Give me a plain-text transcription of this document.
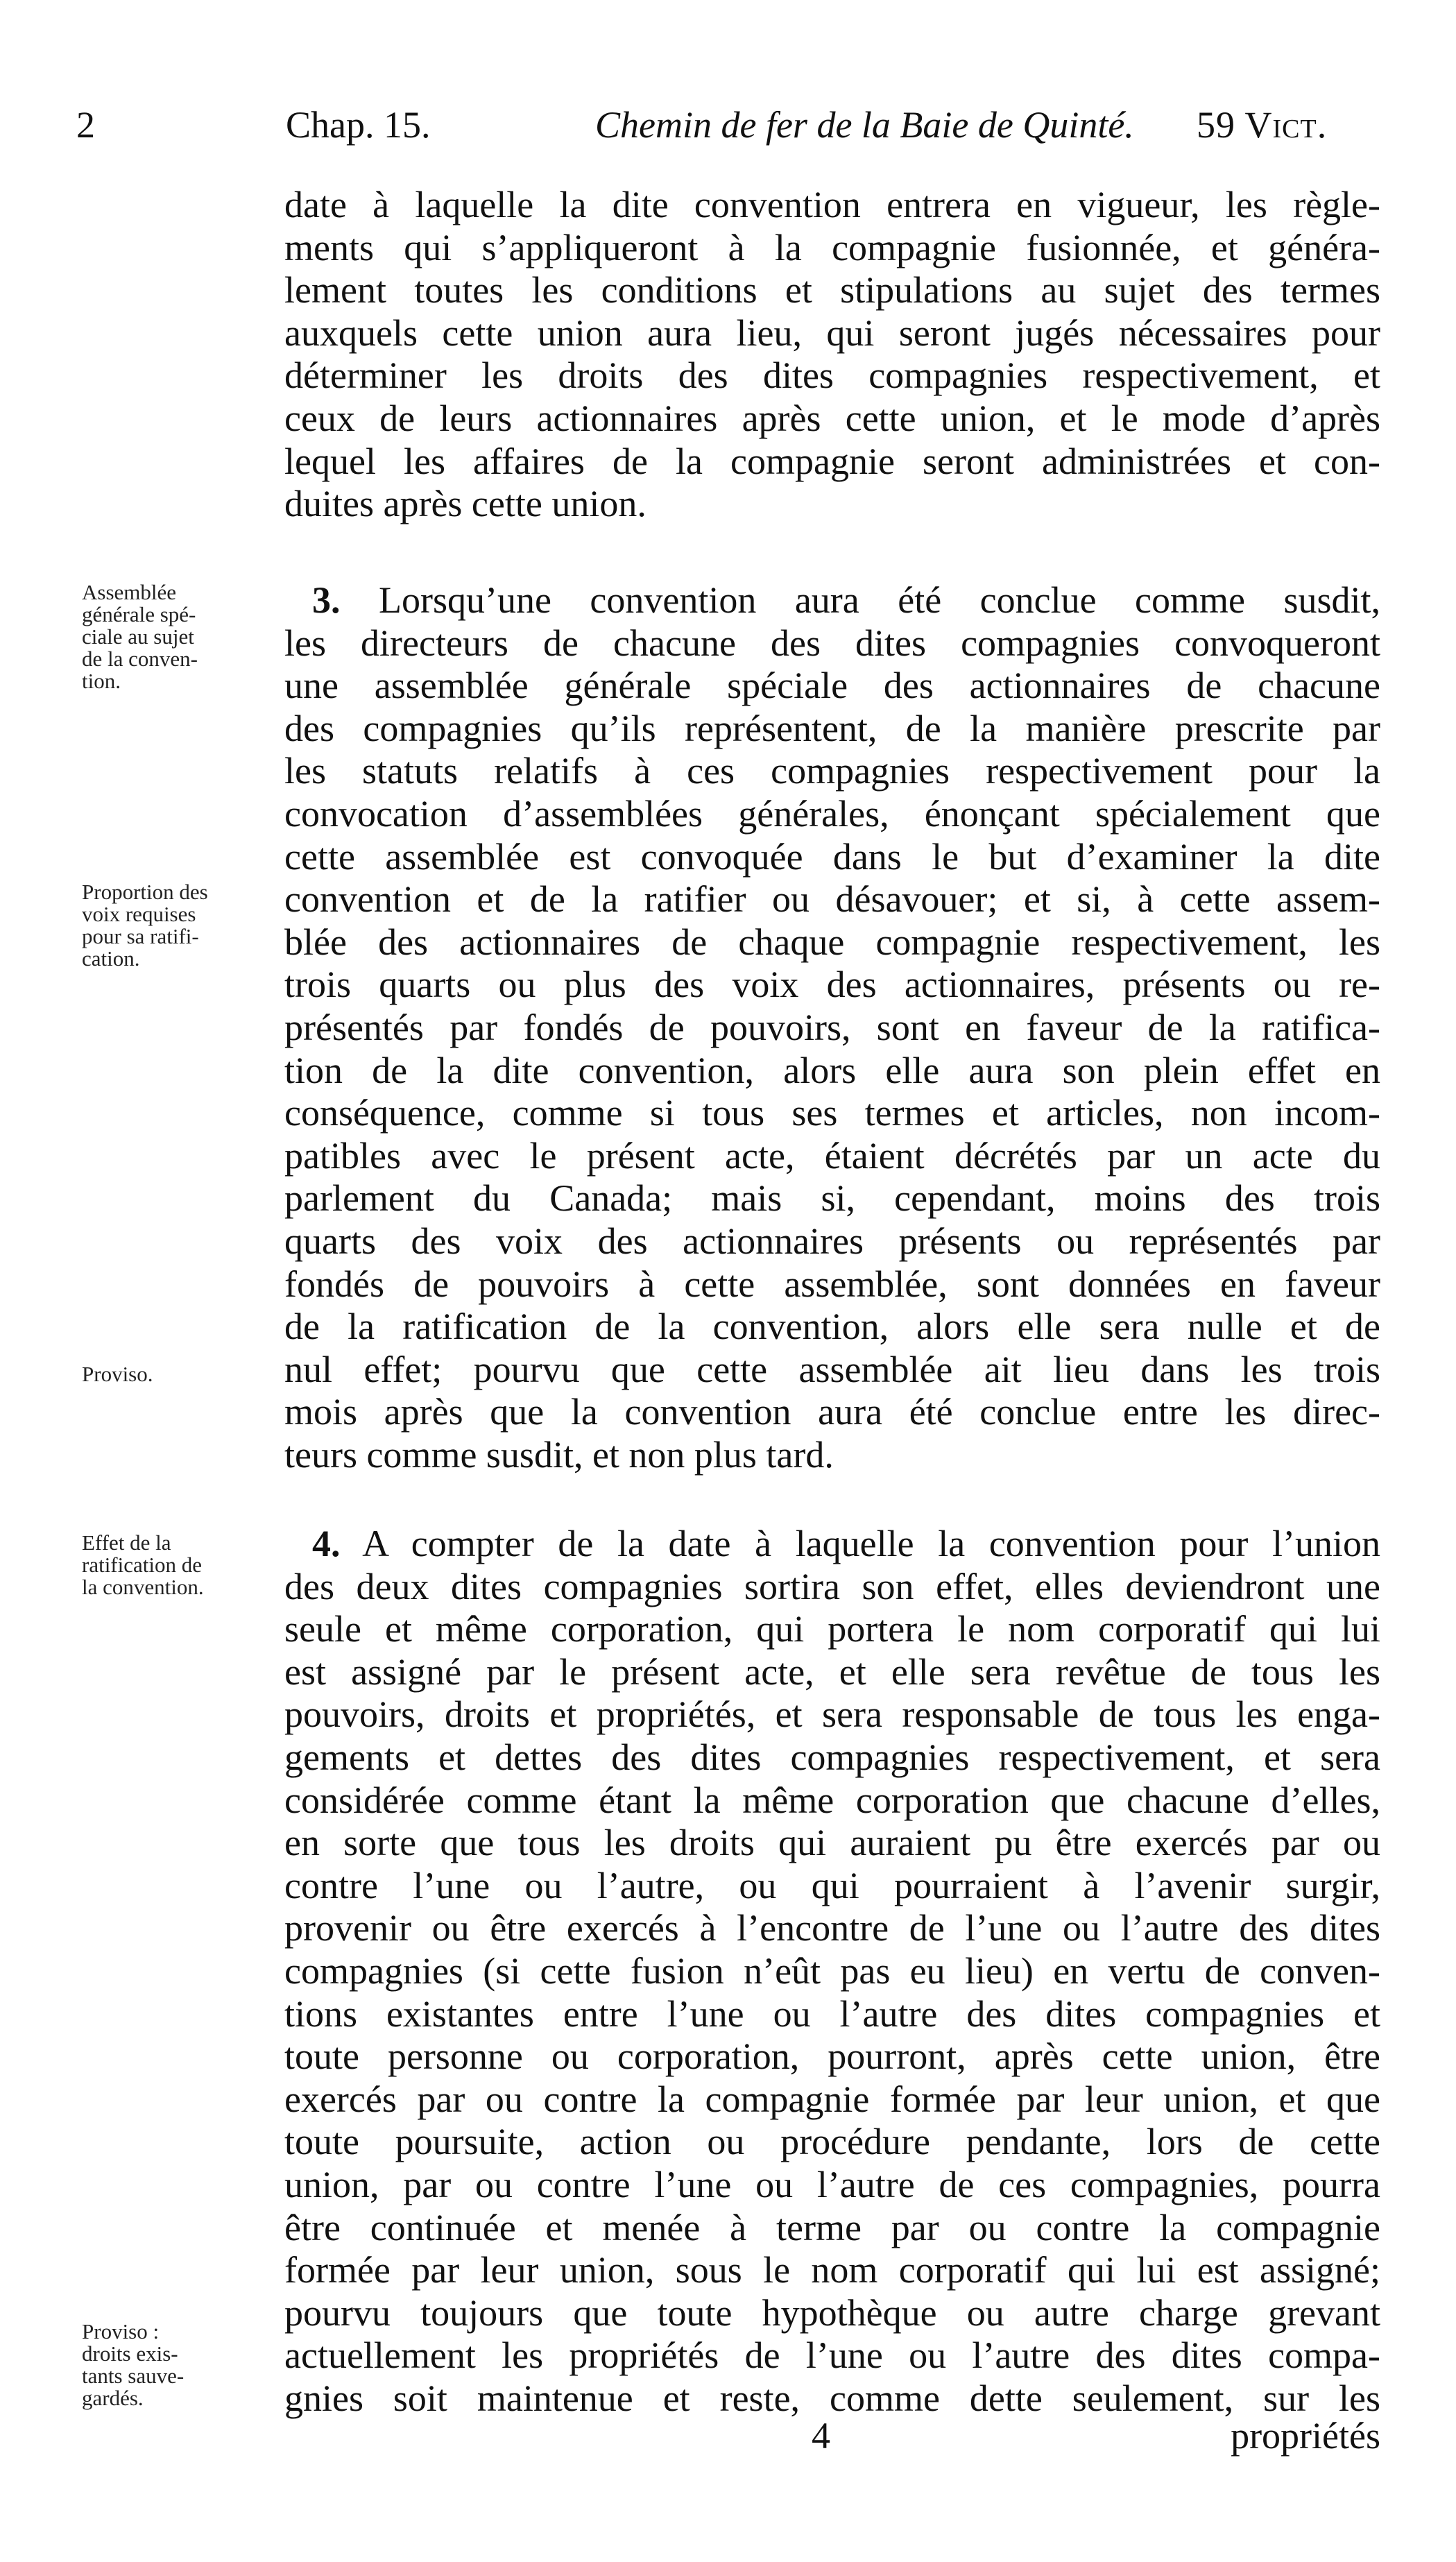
2	Chap. 15.	Chemin de fer de la Baie de Quinté. 59 Vict.
date à laquelle la dite convention entrera en vigueur, les règle-
ments qui s’appliqueront à la compagnie fusionnée, et généra-
lement toutes les conditions et stipulations au sujet des termes
auxquels cette union aura lieu, qui seront jugés nécessaires pour
déterminer les droits des dites compagnies respectivement, et
ceux de leurs actionnaires après cette union, et le mode d’après
lequel les affaires de la compagnie seront administrées et con-
duites après cette union.
3. Lorsqu’une convention aura été conclue comme susdit,
les directeurs de chacune des dites compagnies convoqueront
une assemblée générale spéciale des actionnaires de chacune
des compagnies qu’ils représentent, de la manière prescrite par
les statuts relatifs à ces compagnies respectivement pour la
convocation d’assemblées générales, énonçant spécialement que
cette assemblée est convoquée dans le but d’examiner la dite
convention et de la ratifier ou désavouer; et si, à cette assem-
blée des actionnaires de chaque compagnie respectivement, les
trois quarts ou plus des voix des actionnaires, présents ou re-
présentés par fondés de pouvoirs, sont en faveur de la ratifica-
tion de la dite convention, alors elle aura son plein effet en
conséquence, comme si tous ses termes et articles, non incom-
patibles avec le présent acte, étaient décrétés par un acte du
parlement du Canada; mais si, cependant, moins des trois
quarts des voix des actionnaires présents ou représentés par
fondés de pouvoirs à cette assemblée, sont données en faveur
de la ratification de la convention, alors elle sera nulle et de
nul effet; pourvu que cette assemblée ait lieu dans les trois
mois après que la convention aura été conclue entre les direc-
teurs comme susdit, et non plus tard.
4. A compter de la date à laquelle la convention pour l’union
des deux dites compagnies sortira son effet, elles deviendront une
seule et même corporation, qui portera le nom corporatif qui lui
est assigné par le présent acte, et elle sera revêtue de tous les
pouvoirs, droits et propriétés, et sera responsable de tous les enga-
gements et dettes des dites compagnies respectivement, et sera
considérée comme étant la même corporation que chacune d’elles,
en sorte que tous les droits qui auraient pu être exercés par ou
contre l’une ou l’autre, ou qui pourraient à l’avenir surgir,
provenir ou être exercés à l’encontre de l’une ou l’autre des dites
compagnies (si cette fusion n’eût pas eu lieu) en vertu de conven-
tions existantes entre l’une ou l’autre des dites compagnies et
toute personne ou corporation, pourront, après cette union, être
exercés par ou contre la compagnie formée par leur union, et que
toute poursuite, action ou procédure pendante, lors de cette
union, par ou contre l’une ou l’autre de ces compagnies, pourra
être continuée et menée à terme par ou contre la compagnie
formée par leur union, sous le nom corporatif qui lui est assigné;
pourvu toujours que toute hypothèque ou autre charge grevant
actuellement les propriétés de l’une ou l’autre des dites compa-
gnies soit maintenue et reste, comme dette seulement, sur les
Assemblée
générale spé-
ciale au sujet
de la conven-
tion.
Proportion des
voix requises
pour sa ratifi-
cation.
Proviso.
Effet de la
ratification de
la convention.
Proviso :
droits exis-
tants sauve-
gardés.
4	propriétés
